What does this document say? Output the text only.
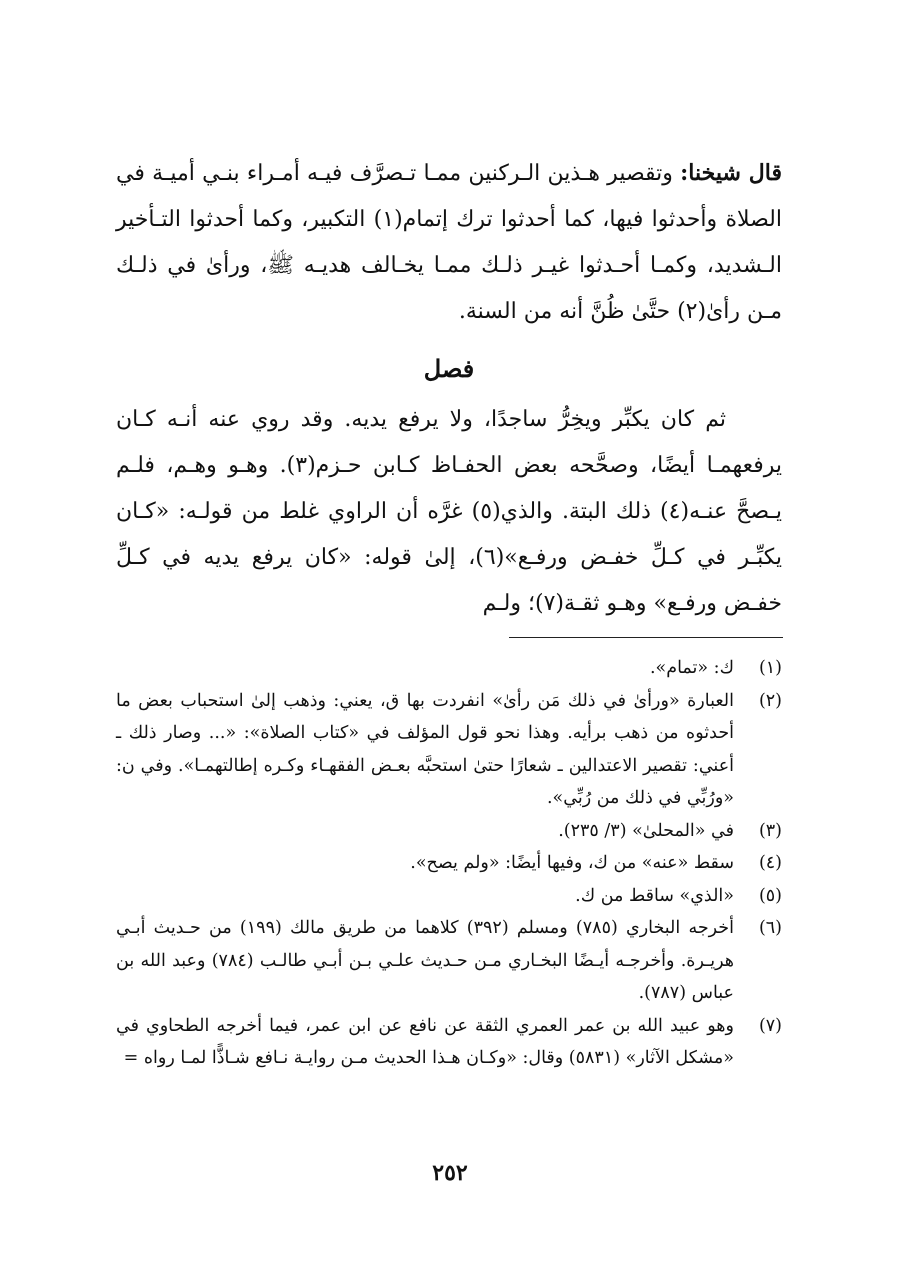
قال شيخنا: وتقصير هـذين الـركنين ممـا تـصرَّف فيـه أمـراء بنـي أميـة في الصلاة وأحدثوا فيها، كما أحدثوا ترك إتمام(١) التكبير، وكما أحدثوا التـأخير الـشديد، وكمـا أحـدثوا غيـر ذلـك ممـا يخـالف هديـه ﷺ، ورأىٰ في ذلـك مـن رأىٰ(٢) حتَّىٰ ظُنَّ أنه من السنة.

فصل

ثم كان يكبِّر ويخِرُّ ساجدًا، ولا يرفع يديه. وقد روي عنه أنـه كـان يرفعهمـا أيضًا، وصحَّحه بعض الحفـاظ كـابن حـزم(٣). وهـو وهـم، فلـم يـصحَّ عنـه(٤) ذلك البتة. والذي(٥) غرَّه أن الراوي غلط من قولـه: «كـان يكبِّـر في كـلِّ خفـض ورفـع»(٦)، إلىٰ قوله: «كان يرفع يديه في كـلِّ خفـض ورفـع» وهـو ثقـة(٧)؛ ولـم

(١)
ك: «تمام».
(٢)
العبارة «ورأىٰ في ذلك مَن رأىٰ» انفردت بها ق، يعني: وذهب إلىٰ استحباب بعض ما أحدثوه من ذهب برأيه. وهذا نحو قول المؤلف في «كتاب الصلاة»: «... وصار ذلك ـ أعني: تقصير الاعتدالين ـ شعارًا حتىٰ استحبَّه بعـض الفقهـاء وكـره إطالتهمـا». وفي ن: «ورُبِّي في ذلك من رُبِّي».
(٣)
في «المحلىٰ» (٣/ ٢٣٥).
(٤)
سقط «عنه» من ك، وفيها أيضًا: «ولم يصح».
(٥)
«الذي» ساقط من ك.
(٦)
أخرجه البخاري (٧٨٥) ومسلم (٣٩٢) كلاهما من طريق مالك (١٩٩) من حـديث أبـي هريـرة. وأخرجـه أيـضًا البخـاري مـن حـديث علـي بـن أبـي طالـب (٧٨٤) وعبد الله بن عباس (٧٨٧).
(٧)
وهو عبيد الله بن عمر العمري الثقة عن نافع عن ابن عمر، فيما أخرجه الطحاوي في «مشكل الآثار» (٥٨٣١) وقال: «وكـان هـذا الحديث مـن روايـة نـافع شـاذًّا لمـا رواه =
٢٥٢
